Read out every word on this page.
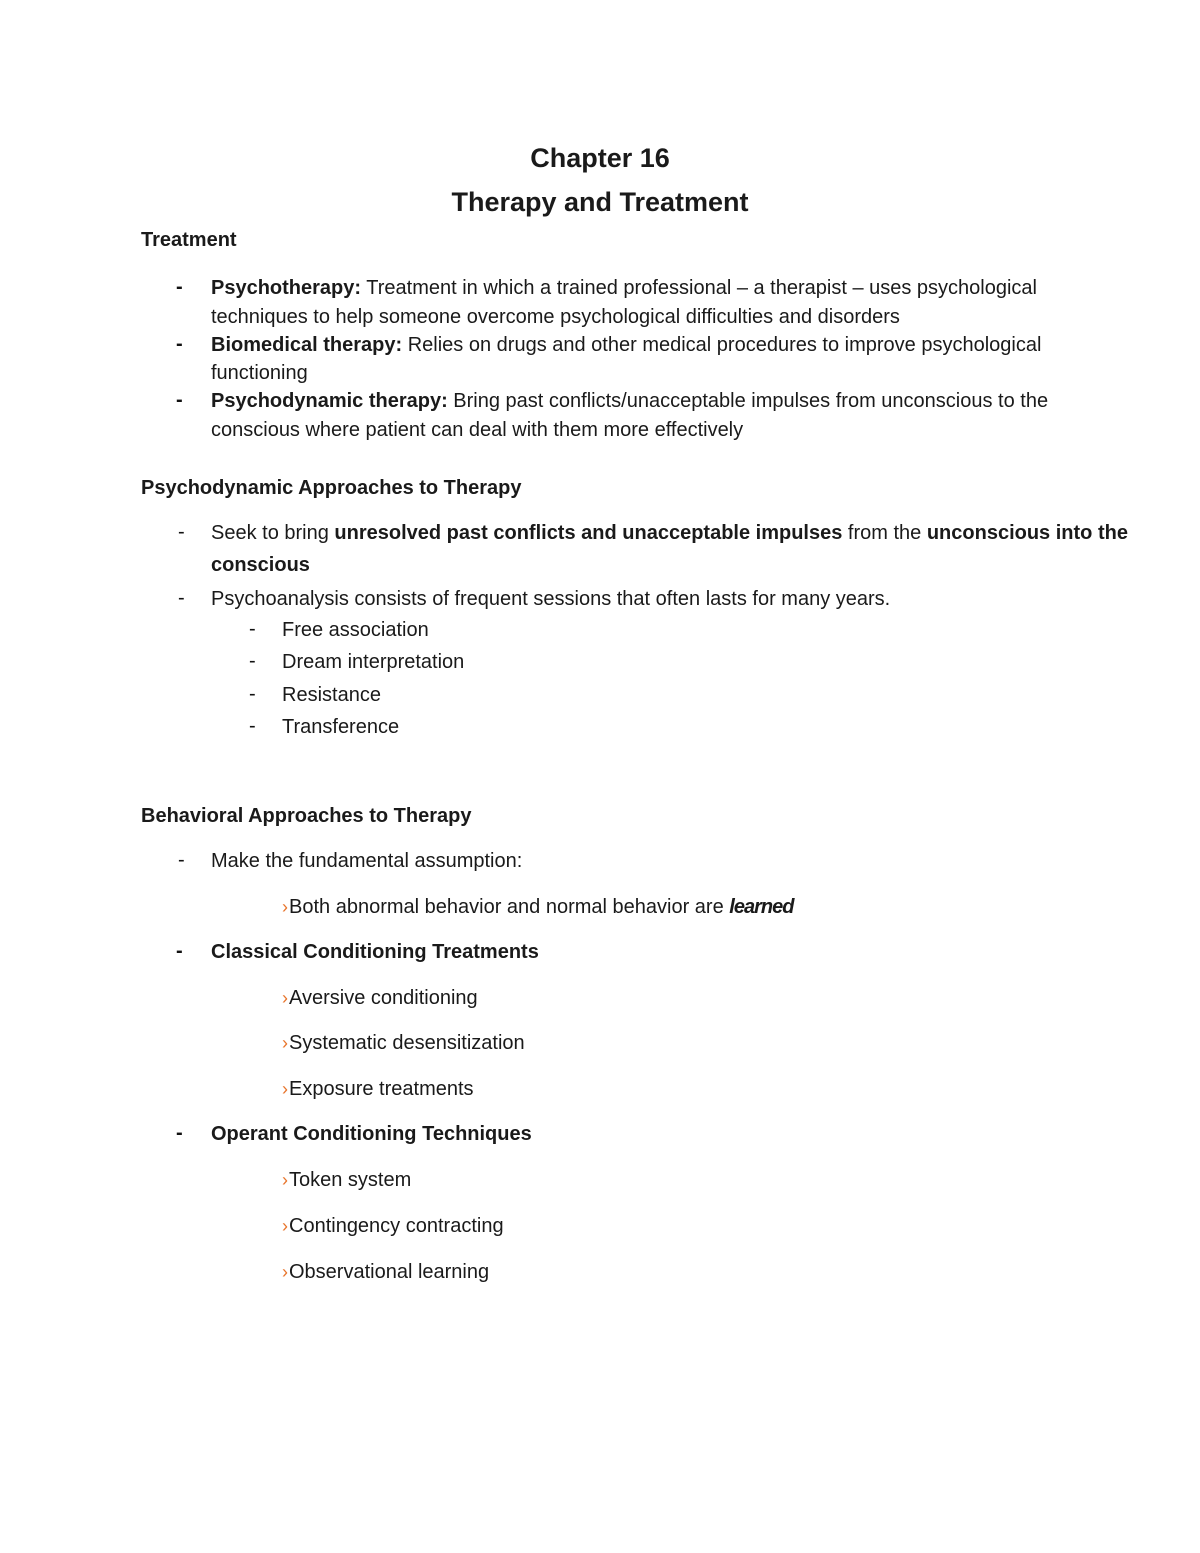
Chapter 16
Therapy and Treatment
Treatment
- Psychotherapy: Treatment in which a trained professional – a therapist – uses psychological
techniques to help someone overcome psychological difficulties and disorders
- Biomedical therapy: Relies on drugs and other medical procedures to improve psychological
functioning
- Psychodynamic therapy: Bring past conflicts/unacceptable impulses from unconscious to the
conscious where patient can deal with them more effectively
Psychodynamic Approaches to Therapy
- Seek to bring unresolved past conflicts and unacceptable impulses from the unconscious into the
conscious
- Psychoanalysis consists of frequent sessions that often lasts for many years.
- Free association
- Dream interpretation
- Resistance
- Transference
Behavioral Approaches to Therapy
- Make the fundamental assumption:
›Both abnormal behavior and normal behavior are learned
- Classical Conditioning Treatments
›Aversive conditioning
›Systematic desensitization
›Exposure treatments
- Operant Conditioning Techniques
›Token system
›Contingency contracting
›Observational learning
